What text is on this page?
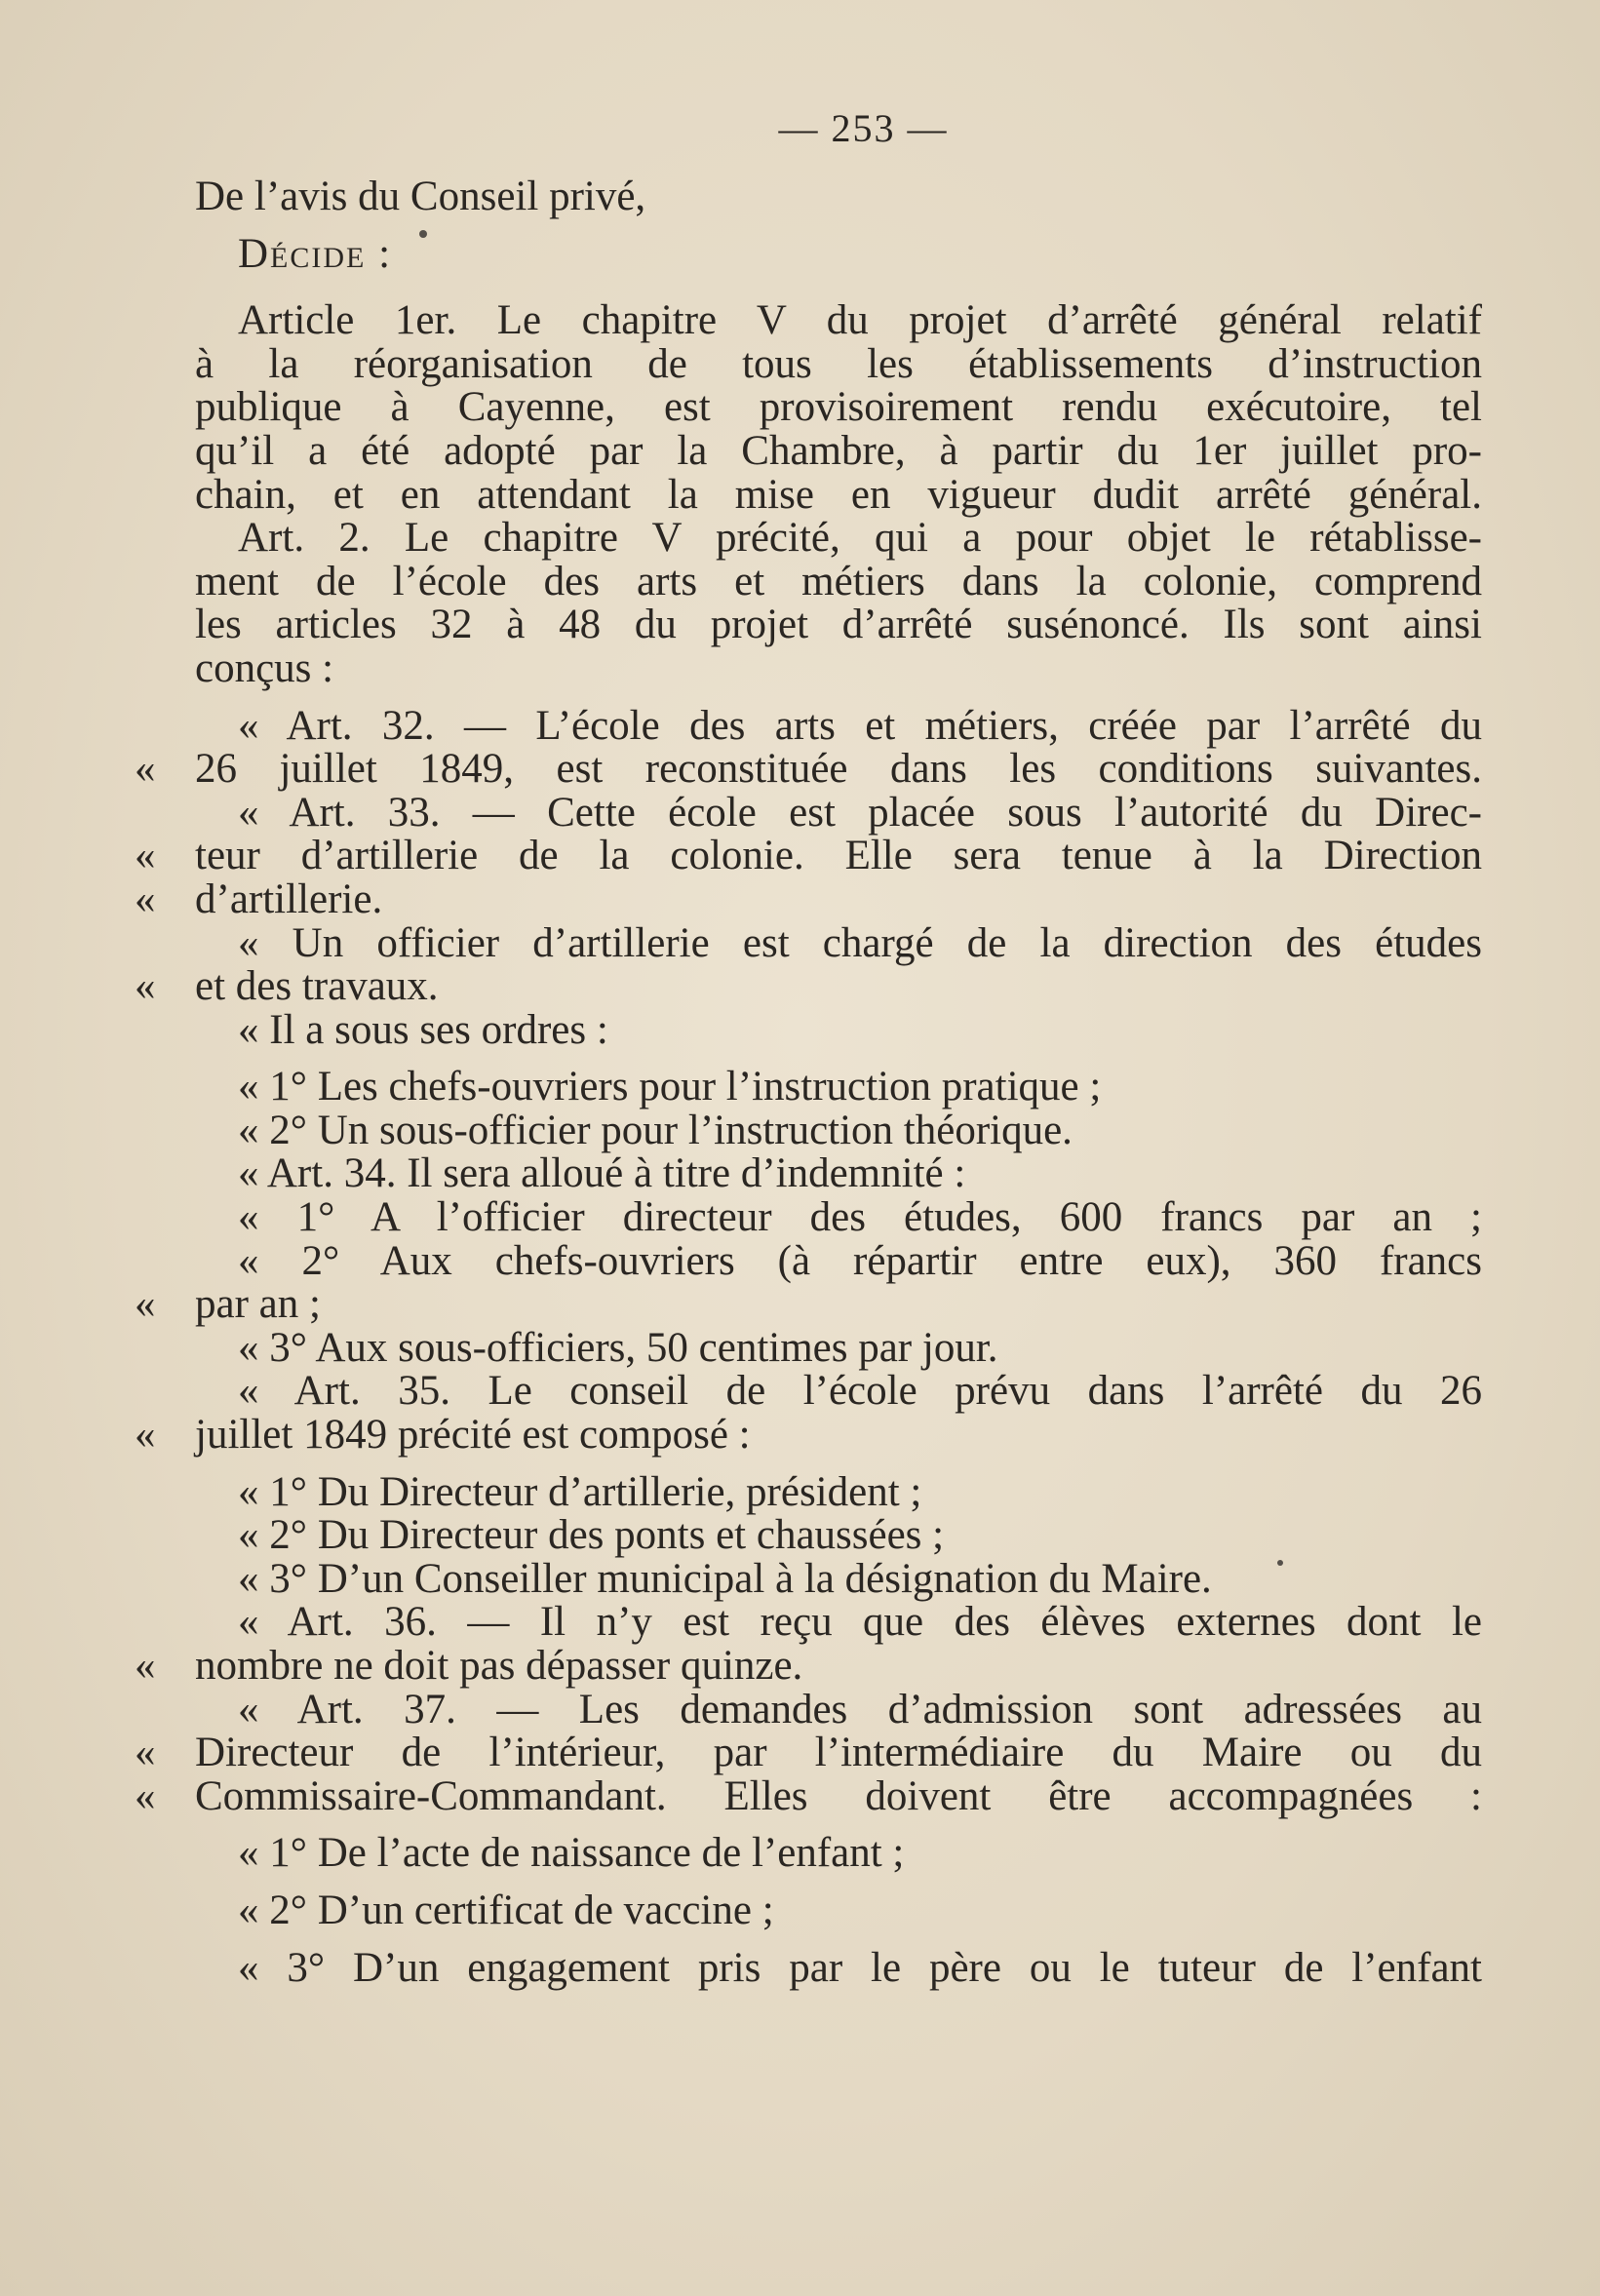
— 253 —
De l’avis du Conseil privé,
Décide :
Article 1er. Le chapitre V du projet d’arrêté général relatif
à la réorganisation de tous les établissements d’instruction
publique à Cayenne, est provisoirement rendu exécutoire, tel
qu’il a été adopté par la Chambre, à partir du 1er juillet pro-
chain, et en attendant la mise en vigueur dudit arrêté général.
Art. 2. Le chapitre V précité, qui a pour objet le rétablisse-
ment de l’école des arts et métiers dans la colonie, comprend
les articles 32 à 48 du projet d’arrêté susénoncé. Ils sont ainsi
conçus :
« Art. 32. — L’école des arts et métiers, créée par l’arrêté du
« 26 juillet 1849, est reconstituée dans les conditions suivantes.
« Art. 33. — Cette école est placée sous l’autorité du Direc-
« teur d’artillerie de la colonie. Elle sera tenue à la Direction
« d’artillerie.
« Un officier d’artillerie est chargé de la direction des études
« et des travaux.
« Il a sous ses ordres :
« 1° Les chefs-ouvriers pour l’instruction pratique ;
« 2° Un sous-officier pour l’instruction théorique.
« Art. 34. Il sera alloué à titre d’indemnité :
« 1° A l’officier directeur des études, 600 francs par an ;
« 2° Aux chefs-ouvriers (à répartir entre eux), 360 francs
« par an ;
« 3° Aux sous-officiers, 50 centimes par jour.
« Art. 35. Le conseil de l’école prévu dans l’arrêté du 26
« juillet 1849 précité est composé :
« 1° Du Directeur d’artillerie, président ;
« 2° Du Directeur des ponts et chaussées ;
« 3° D’un Conseiller municipal à la désignation du Maire.
« Art. 36. — Il n’y est reçu que des élèves externes dont le
« nombre ne doit pas dépasser quinze.
« Art. 37. — Les demandes d’admission sont adressées au
« Directeur de l’intérieur, par l’intermédiaire du Maire ou du
« Commissaire-Commandant. Elles doivent être accompagnées :
« 1° De l’acte de naissance de l’enfant ;
« 2° D’un certificat de vaccine ;
« 3° D’un engagement pris par le père ou le tuteur de l’enfant
